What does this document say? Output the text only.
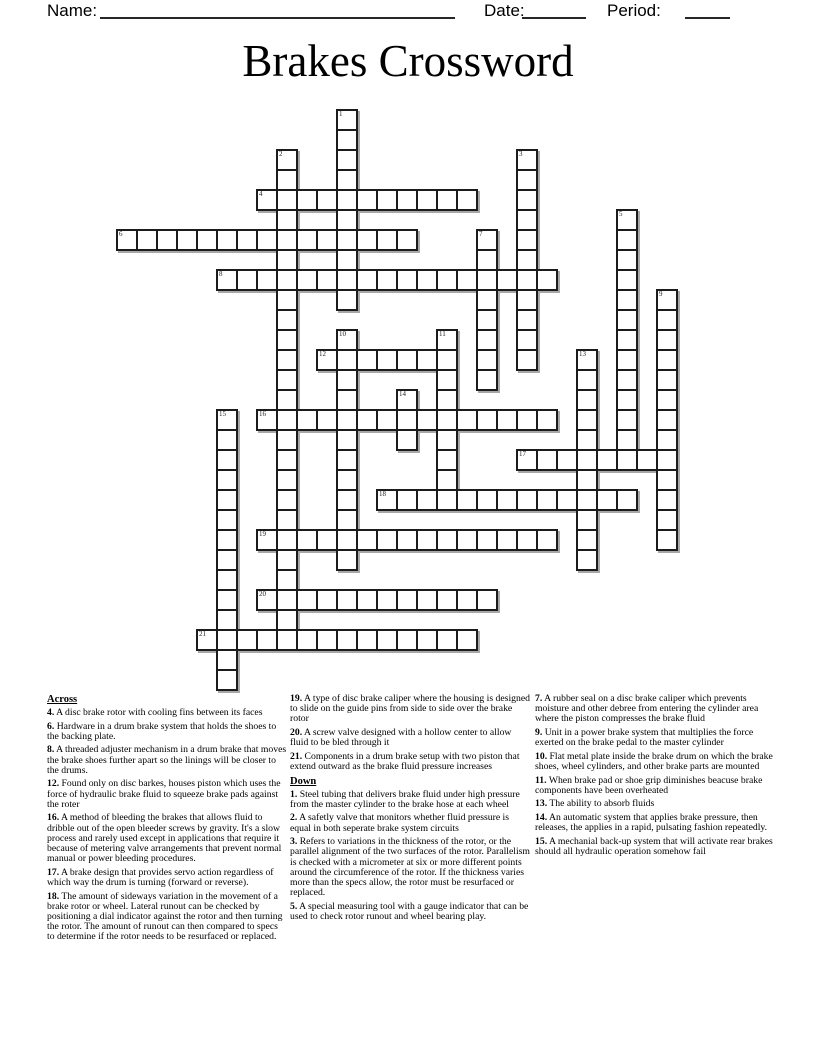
Name:	Date:	Period:
Brakes Crossword
1
2	3
4
5
6	7
8
9
10	11
12	13
14
15	16
17
18
19
20
21

Across

4. A disc brake rotor with cooling fins between its faces

6. Hardware in a drum brake system that holds the shoes to the backing plate.

8. A threaded adjuster mechanism in a drum brake that moves the brake shoes further apart so the linings will be closer to the drums.

12. Found only on disc barkes, houses piston which uses the force of hydraulic brake fluid to squeeze brake pads against the roter

16. A method of bleeding the brakes that allows fluid to dribble out of the open bleeder screws by gravity. It's a slow process and rarely used except in applications that require it because of metering valve arrangements that prevent normal manual or power bleeding procedures.

17. A brake design that provides servo action regardless of which way the drum is turning (forward or reverse).

18. The amount of sideways variation in the movement of a brake rotor or wheel. Lateral runout can be checked by positioning a dial indicator against the rotor and then turning the rotor. The amount of runout can then compared to specs to determine if the rotor needs to be resurfaced or replaced.

19. A type of disc brake caliper where the housing is designed to slide on the guide pins from side to side over the brake rotor

20. A screw valve designed with a hollow center to allow fluid to be bled through it

21. Components in a drum brake setup with two piston that extend outward as the brake fluid pressure increases

Down

1. Steel tubing that delivers brake fluid under high pressure from the master cylinder to the brake hose at each wheel

2. A safetly valve that monitors whether fluid pressure is equal in both seperate brake system circuits

3. Refers to variations in the thickness of the rotor, or the parallel alignment of the two surfaces of the rotor. Parallelism is checked with a micrometer at six or more different points around the circumference of the rotor. If the thickness varies more than the specs allow, the rotor must be resurfaced or replaced.

5. A special measuring tool with a gauge indicator that can be used to check rotor runout and wheel bearing play.

7. A rubber seal on a disc brake caliper which prevents moisture and other debree from entering the cylinder area where the piston compresses the brake fluid

9. Unit in a power brake system that multiplies the force exerted on the brake pedal to the master cylinder

10. Flat metal plate inside the brake drum on which the brake shoes, wheel cylinders, and other brake parts are mounted

11. When brake pad or shoe grip diminishes beacuse brake components have been overheated

13. The ability to absorb fluids

14. An automatic system that applies brake pressure, then releases, the applies in a rapid, pulsating fashion repeatedly.

15. A mechanial back-up system that will activate rear brakes should all hydraulic operation somehow fail
